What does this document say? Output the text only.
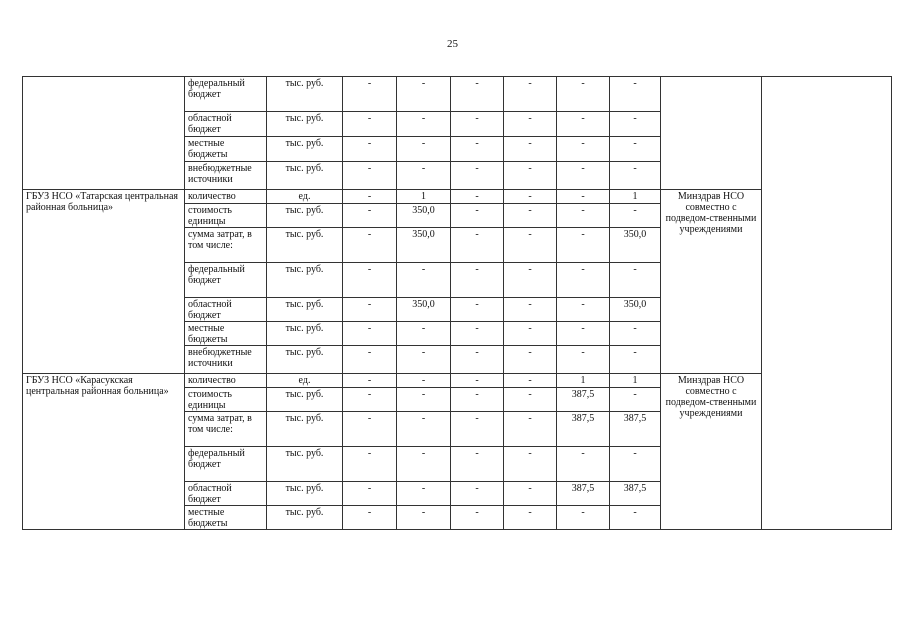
25
	федеральный бюджет	тыс. руб.	-	-	-	-	-	-		
	областной бюджет	тыс. руб.	-	-	-	-	-	-		
	местные бюджеты	тыс. руб.	-	-	-	-	-	-		
	внебюджетные источники	тыс. руб.	-	-	-	-	-	-		
ГБУЗ НСО «Татарская центральная районная больница»	количество	ед.	-	1	-	-	-	1	Минздрав НСО совместно с подведом-ственными учреждениями	
	стоимость единицы	тыс. руб.	-	350,0	-	-	-	-		
	сумма затрат, в том числе:	тыс. руб.	-	350,0	-	-	-	350,0		
	федеральный бюджет	тыс. руб.	-	-	-	-	-	-		
	областной бюджет	тыс. руб.	-	350,0	-	-	-	350,0		
	местные бюджеты	тыс. руб.	-	-	-	-	-	-		
	внебюджетные источники	тыс. руб.	-	-	-	-	-	-		
ГБУЗ НСО «Карасукская центральная районная больница»	количество	ед.	-	-	-	-	1	1	Минздрав НСО совместно с подведом-ственными учреждениями	
	стоимость единицы	тыс. руб.	-	-	-	-	387,5	-		
	сумма затрат, в том числе:	тыс. руб.	-	-	-	-	387,5	387,5		
	федеральный бюджет	тыс. руб.	-	-	-	-	-	-		
	областной бюджет	тыс. руб.	-	-	-	-	387,5	387,5		
	местные бюджеты	тыс. руб.	-	-	-	-	-	-		
